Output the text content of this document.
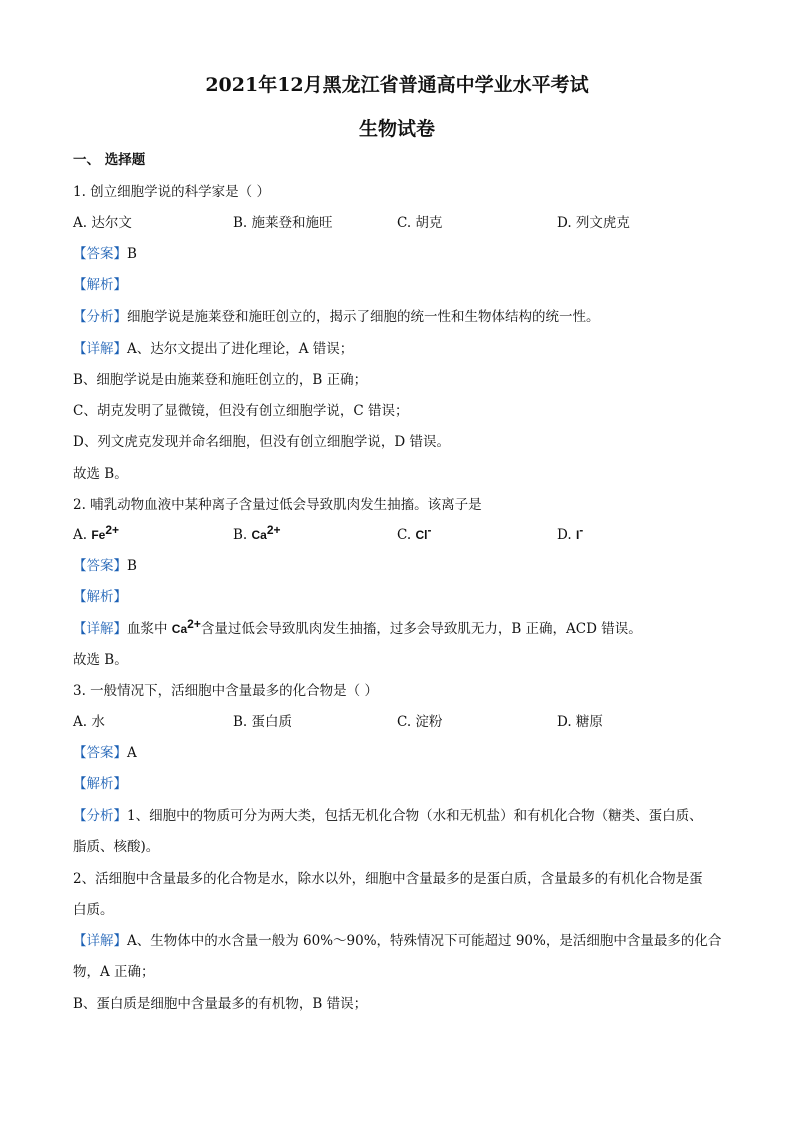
2021年12月黑龙江省普通高中学业水平考试
生物试卷
一、 选择题
1. 创立细胞学说的科学家是（ ）
A. 达尔文	B. 施莱登和施旺	C. 胡克	D. 列文虎克
【答案】B
【解析】
【分析】细胞学说是施莱登和施旺创立的，揭示了细胞的统一性和生物体结构的统一性。
【详解】A、达尔文提出了进化理论，A 错误；
B、细胞学说是由施莱登和施旺创立的，B 正确；
C、胡克发明了显微镜，但没有创立细胞学说，C 错误；
D、列文虎克发现并命名细胞，但没有创立细胞学说，D 错误。
故选 B。
2. 哺乳动物血液中某种离子含量过低会导致肌肉发生抽搐。该离子是
A. $Fe^{2+}$	B. $Ca^{2+}$	C. Cl-	D. I-
【答案】B
【解析】
【详解】血浆中 $Ca^{2+}$含量过低会导致肌肉发生抽搐，过多会导致肌无力，B 正确，ACD 错误。
故选 B。
3. 一般情况下，活细胞中含量最多的化合物是（ ）
A. 水	B. 蛋白质	C. 淀粉	D. 糖原
【答案】A
【解析】
【分析】1、细胞中的物质可分为两大类，包括无机化合物（水和无机盐）和有机化合物（糖类、蛋白质、
脂质、核酸)。
2、活细胞中含量最多的化合物是水，除水以外，细胞中含量最多的是蛋白质，含量最多的有机化合物是蛋
白质。
【详解】A、生物体中的水含量一般为 60%～90%，特殊情况下可能超过 90%，是活细胞中含量最多的化合
物，A 正确；
B、蛋白质是细胞中含量最多的有机物，B 错误；
